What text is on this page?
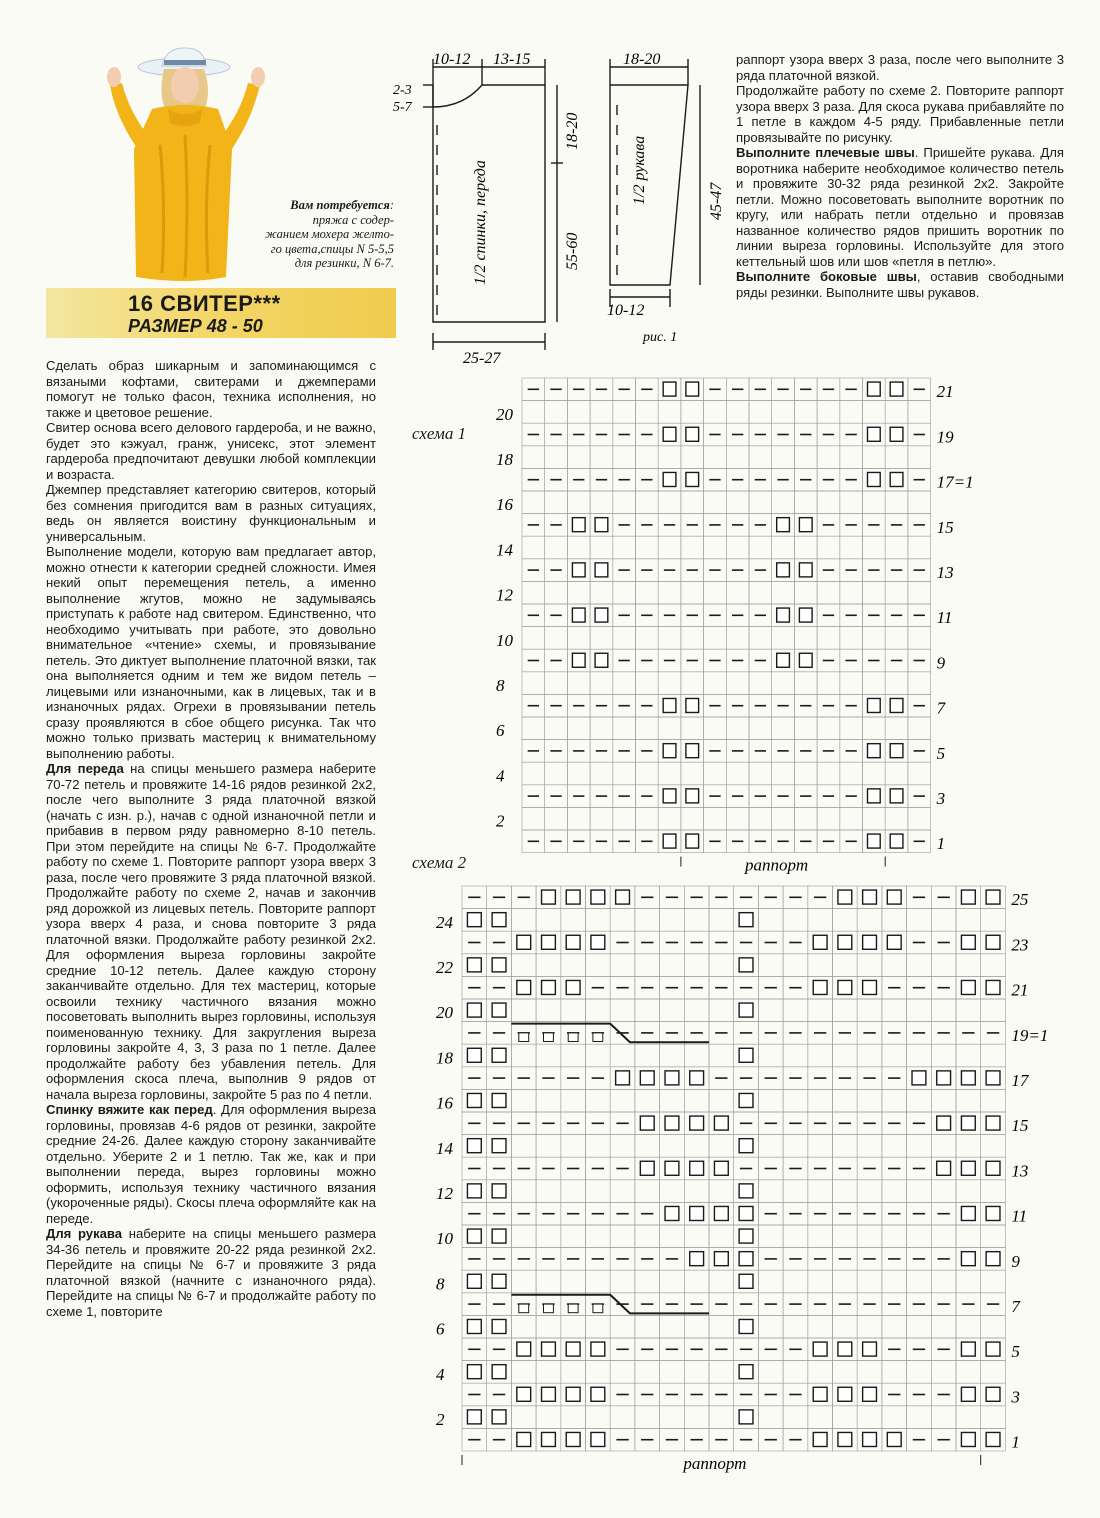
Вам потребуется:
пряжа с содер-
жанием мохера желто-
го цвета,спицы N 5-5,5
для резинки, N 6-7.
16 СВИТЕР***
РАЗМЕР 48 - 50

Сделать образ шикарным и запоминающимся с вязаными кофтами, свитерами и джемперами помогут не только фасон, техника исполнения, но также и цветовое решение.

Свитер основа всего делового гардероба, и не важно, будет это кэжуал, гранж, унисекс, этот элемент гардероба предпочитают девушки любой комплекции и возраста.

Джемпер представляет категорию свитеров, который без сомнения пригодится вам в разных ситуациях, ведь он является воистину функциональным и универсальным.

Выполнение модели, которую вам предлагает автор, можно отнести к категории средней сложности. Имея некий опыт перемещения петель, а именно выполнение жгутов, можно не задумываясь приступать к работе над свитером. Единственно, что необходимо учитывать при работе, это довольно внимательное «чтение» схемы, и провязывание петель. Это диктует выполнение платочной вязки, так она выполняется одним и тем же видом петель – лицевыми или изнаночными, как в лицевых, так и в изнаночных рядах. Огрехи в провязывании петель сразу проявляются в сбое общего рисунка. Так что можно только призвать мастериц к внимательному выполнению работы.

Для переда на спицы меньшего размера наберите 70-72 петель и провяжите 14-16 рядов резинкой 2х2, после чего выполните 3 ряда платочной вязкой (начать с изн. р.), начав с одной изнаночной петли и прибавив в первом ряду равномерно 8-10 петель. При этом перейдите на спицы № 6-7. Продолжайте работу по схеме 1. Повторите раппорт узора вверх 3 раза, после чего провяжите 3 ряда платочной вязкой. Продолжайте работу по схеме 2, начав и закончив ряд дорожкой из лицевых петель. Повторите раппорт узора вверх 4 раза, и снова повторите 3 ряда платочной вязки. Продолжайте работу резинкой 2х2. Для оформления выреза горловины закройте средние 10-12 петель. Далее каждую сторону заканчивайте отдельно. Для тех мастериц, которые освоили технику частичного вязания можно посоветовать выполнить вырез горловины, используя поименованную технику. Для закругления выреза горловины закройте 4, 3, 3 раза по 1 петле. Далее продолжайте работу без убавления петель. Для оформления скоса плеча, выполнив 9 рядов от начала выреза горловины, закройте 5 раз по 4 петли.

Спинку вяжите как перед. Для оформления выреза горловины, провязав 4-6 рядов от резинки, закройте средние 24-26. Далее каждую сторону заканчивайте отдельно. Уберите 2 и 1 петлю. Так же, как и при выполнении переда, вырез горловины можно оформить, используя технику частичного вязания (укороченные ряды). Скосы плеча оформляйте как на переде.

Для рукава наберите на спицы меньшего размера 34-36 петель и провяжите 20-22 ряда резинкой 2х2. Перейдите на спицы № 6-7 и провяжите 3 ряда платочной вязкой (начните с изнаночного ряда). Перейдите на спицы № 6-7 и продолжайте работу по схеме 1, повторите

раппорт узора вверх 3 раза, после чего выполните 3 ряда платочной вязкой.

Продолжайте работу по схеме 2. Повторите раппорт узора вверх 3 раза. Для скоса рукава прибавляйте по 1 петле в каждом 4-5 ряду. Прибавленные петли провязывайте по рисунку.

Выполните плечевые швы. Пришейте рукава. Для воротника наберите необходимое количество петель и провяжите 30-32 ряда резинкой 2х2. Закройте петли. Можно посоветовать выполните воротник по кругу, или набрать петли отдельно и провязав названное количество рядов пришить воротник по линии выреза горловины. Используйте для этого кеттельный шов или шов «петля в петлю».

Выполните боковые швы, оставив свободными ряды резинки. Выполните швы рукавов.

10-12 13-15
2-3
5-7
1/2 спинки, переда
18-20
55-60
25-27
18-20
1/2 рукава	45-47
10-12
рис. 1
схема 1
21
19
17=1
15
13
11
9
7
5
3
1
20
18
16
14
12
10
8
6
4
2
раппорт
схема 2
25
23
21
19=1
17
15
13
11
9
7
5
3
1
24
22
20
18
16
14
12
10
8
6
4
2
раппорт
